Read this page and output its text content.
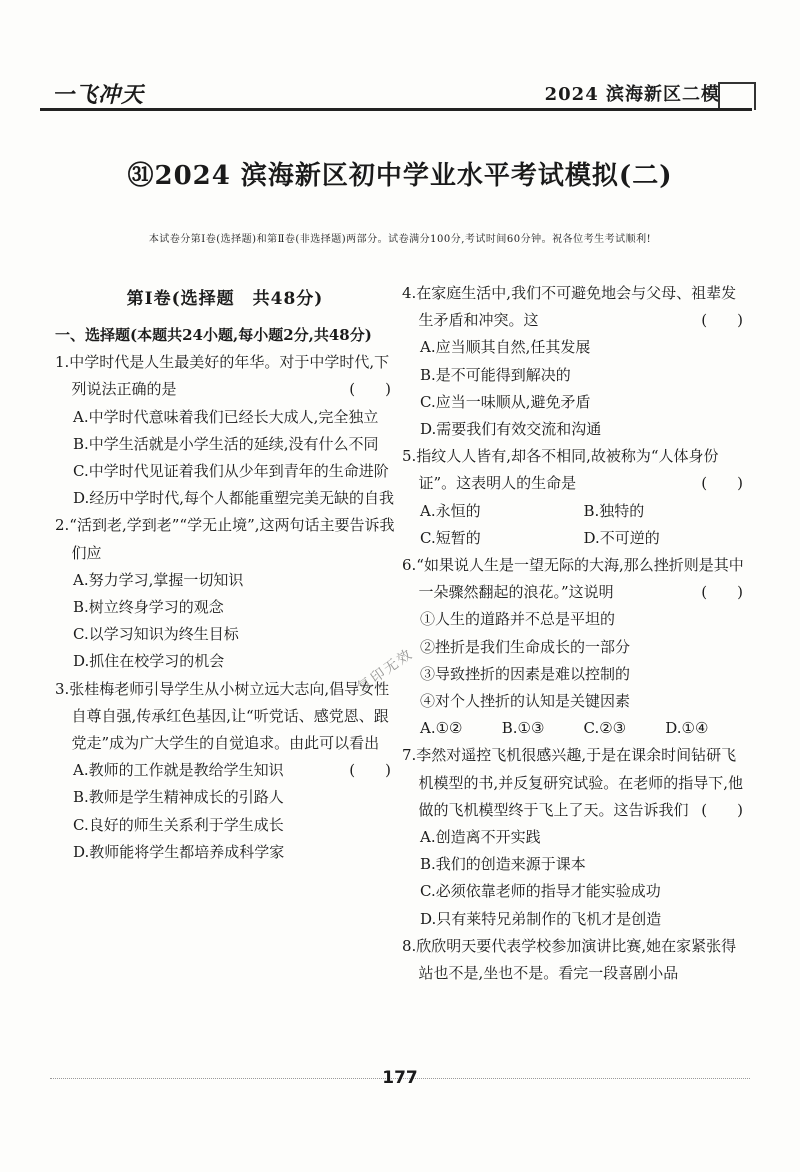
一飞冲天	2024 滨海新区二模
㉛2024 滨海新区初中学业水平考试模拟(二)
本试卷分第Ⅰ卷(选择题)和第Ⅱ卷(非选择题)两部分。试卷满分100分,考试时间60分钟。祝各位考生考试顺利!

第Ⅰ卷(选择题　共48分)

一、选择题(本题共24小题,每小题2分,共48分)

1.中学时代是人生最美好的年华。对于中学时代,下列说法正确的是	(　　)

A.中学时代意味着我们已经长大成人,完全独立

B.中学生活就是小学生活的延续,没有什么不同

C.中学时代见证着我们从少年到青年的生命进阶

D.经历中学时代,每个人都能重塑完美无缺的自我

2.“活到老,学到老”“学无止境”,这两句话主要告诉我们应

A.努力学习,掌握一切知识

B.树立终身学习的观念

C.以学习知识为终生目标

D.抓住在校学习的机会

3.张桂梅老师引导学生从小树立远大志向,倡导女性自尊自强,传承红色基因,让“听党话、感党恩、跟党走”成为广大学生的自觉追求。由此可以看出
(　　)

A.教师的工作就是教给学生知识

B.教师是学生精神成长的引路人

C.良好的师生关系利于学生成长

D.教师能将学生都培养成科学家

4.在家庭生活中,我们不可避免地会与父母、祖辈发生矛盾和冲突。这	(　　)

A.应当顺其自然,任其发展

B.是不可能得到解决的

C.应当一味顺从,避免矛盾

D.需要我们有效交流和沟通

5.指纹人人皆有,却各不相同,故被称为“人体身份证”。这表明人的生命是	(　　)

A.永恒的	B.独特的

C.短暂的	D.不可逆的

6.“如果说人生是一望无际的大海,那么挫折则是其中一朵骤然翻起的浪花。”这说明	(　　)

①人生的道路并不总是平坦的

②挫折是我们生命成长的一部分

③导致挫折的因素是难以控制的

④对个人挫折的认知是关键因素

A.①②	B.①③	C.②③	D.①④

7.李然对遥控飞机很感兴趣,于是在课余时间钻研飞机模型的书,并反复研究试验。在老师的指导下,他做的飞机模型终于飞上了天。这告诉我们 (　　)

A.创造离不开实践

B.我们的创造来源于课本

C.必须依靠老师的指导才能实验成功

D.只有莱特兄弟制作的飞机才是创造

8.欣欣明天要代表学校参加演讲比赛,她在家紧张得站也不是,坐也不是。看完一段喜剧小品

复印无效
177
